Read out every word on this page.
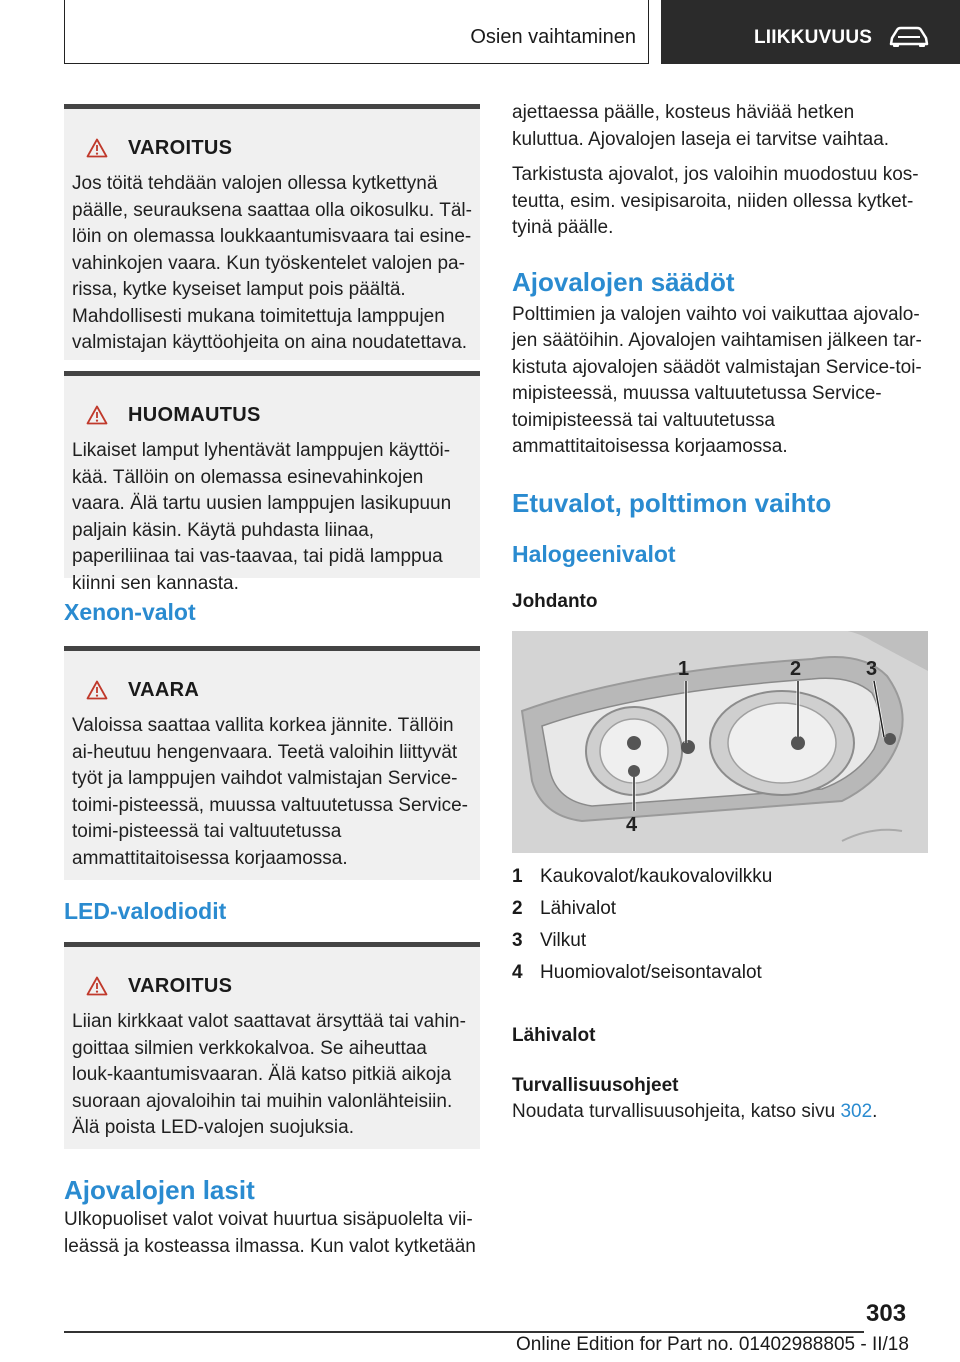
Osien vaihtaminen	LIIKKUVUUS
VAROITUS

Jos töitä tehdään valojen ollessa kytkettynä päälle, seurauksena saattaa olla oikosulku. Täl-löin on olemassa loukkaantumisvaara tai esine-vahinkojen vaara. Kun työskentelet valojen pa-rissa, kytke kyseiset lamput pois päältä. Mahdollisesti mukana toimitettuja lamppujen valmistajan käyttöohjeita on aina noudatettava.

HUOMAUTUS

Likaiset lamput lyhentävät lamppujen käyttöi-kää. Tällöin on olemassa esinevahinkojen vaara. Älä tartu uusien lamppujen lasikupuun paljain käsin. Käytä puhdasta liinaa, paperiliinaa tai vas-taavaa, tai pidä lamppua kiinni sen kannasta.

Xenon-valot

VAARA

Valoissa saattaa vallita korkea jännite. Tällöin ai-heutuu hengenvaara. Teetä valoihin liittyvät työt ja lamppujen vaihdot valmistajan Service-toimi-pisteessä, muussa valtuutetussa Service-toimi-pisteessä tai valtuutetussa ammattitaitoisessa korjaamossa.

LED-valodiodit

VAROITUS

Liian kirkkaat valot saattavat ärsyttää tai vahin-goittaa silmien verkkokalvoa. Se aiheuttaa louk-kaantumisvaaran. Älä katso pitkiä aikoja suoraan ajovaloihin tai muihin valonlähteisiin. Älä poista LED-valojen suojuksia.

Ajovalojen lasit

Ulkopuoliset valot voivat huurtua sisäpuolelta vii-leässä ja kosteassa ilmassa. Kun valot kytketään

ajettaessa päälle, kosteus häviää hetken kuluttua. Ajovalojen laseja ei tarvitse vaihtaa.

Tarkistusta ajovalot, jos valoihin muodostuu kos-teutta, esim. vesipisaroita, niiden ollessa kytket-tyinä päälle.

Ajovalojen säädöt

Polttimien ja valojen vaihto voi vaikuttaa ajovalo-jen säätöihin. Ajovalojen vaihtamisen jälkeen tar-kistuta ajovalojen säädöt valmistajan Service-toi-mipisteessä, muussa valtuutetussa Service-toimipisteessä tai valtuutetussa ammattitaitoisessa korjaamossa.

Etuvalot, polttimon vaihto

Halogeenivalot

Johdanto

1	2	3
4
1 Kaukovalot/kaukovalovilkku
2 Lähivalot
3 Vilkut
4 Huomiovalot/seisontavalot

Lähivalot

Turvallisuusohjeet

Noudata turvallisuusohjeita, katso sivu 302.

303
Online Edition for Part no. 01402988805 - II/18
